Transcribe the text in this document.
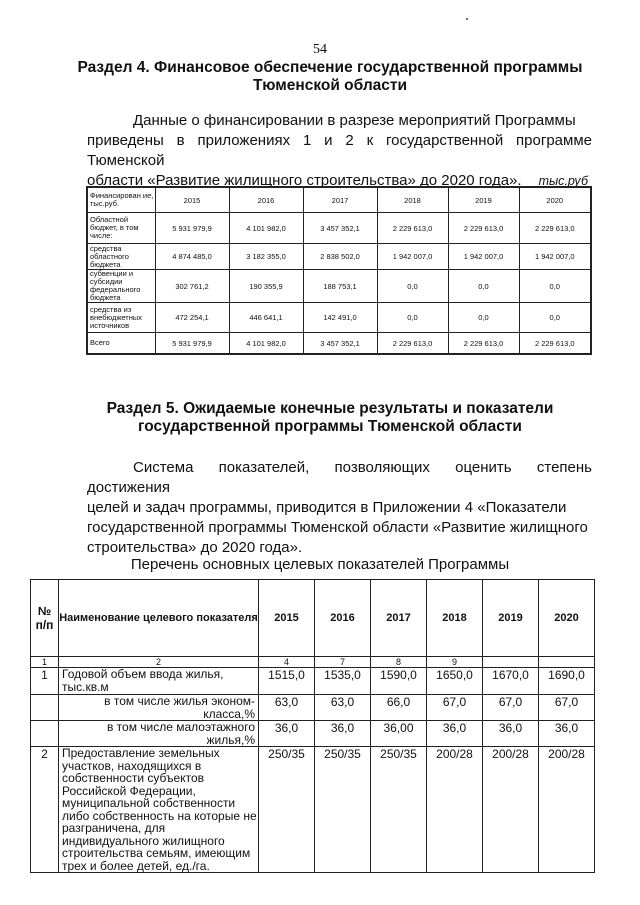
54
Раздел 4. Финансовое обеспечение государственной программы
Тюменской области
Данные о финансировании в разрезе мероприятий Программы
приведены в приложениях 1 и 2 к государственной программе Тюменской
области «Развитие жилищного строительства» до 2020 года».	тыс.руб
Финансирован ие, тыс.руб.	2015	2016	2017	2018	2019	2020
Областной бюджет, в том числе:	5 931 979,9	4 101 982,0	3 457 352,1	2 229 613,0	2 229 613,0	2 229 613,0
средства областного бюджета	4 874 485,0	3 182 355,0	2 838 502,0	1 942 007,0	1 942 007,0	1 942 007,0
субвенции и субсидии федерального бюджета	302 761,2	190 355,9	188 753,1	0,0	0,0	0,0
средства из внебюджетных источников	472 254,1	446 641,1	142 491,0	0,0	0,0	0,0
Всего	5 931 979,9	4 101 982,0	3 457 352,1	2 229 613,0	2 229 613,0	2 229 613,0
Раздел 5. Ожидаемые конечные результаты и показатели
государственной программы Тюменской области
Система показателей, позволяющих оценить степень достижения
целей и задач программы, приводится в Приложении 4 «Показатели
государственной программы Тюменской области «Развитие жилищного
строительства» до 2020 года».
Перечень основных целевых показателей Программы
№ п/п	Наименование целевого показателя	2015	2016	2017	2018	2019	2020
1	2	4	7	8	9		
1	Годовой объем ввода жилья, тыс.кв.м	1515,0	1535,0	1590,0	1650,0	1670,0	1690,0
	в том числе жилья эконом-класса,%	63,0	63,0	66,0	67,0	67,0	67,0
	в том числе малоэтажного жилья,%	36,0	36,0	36,00	36,0	36,0	36,0
2	Предоставление земельных участков, находящихся в собственности субъектов Российской Федерации, муниципальной собственности либо собственность на которые не разграничена, для индивидуального жилищного строительства семьям, имеющим трех и более детей, ед./га.	250/35	250/35	250/35	200/28	200/28	200/28
